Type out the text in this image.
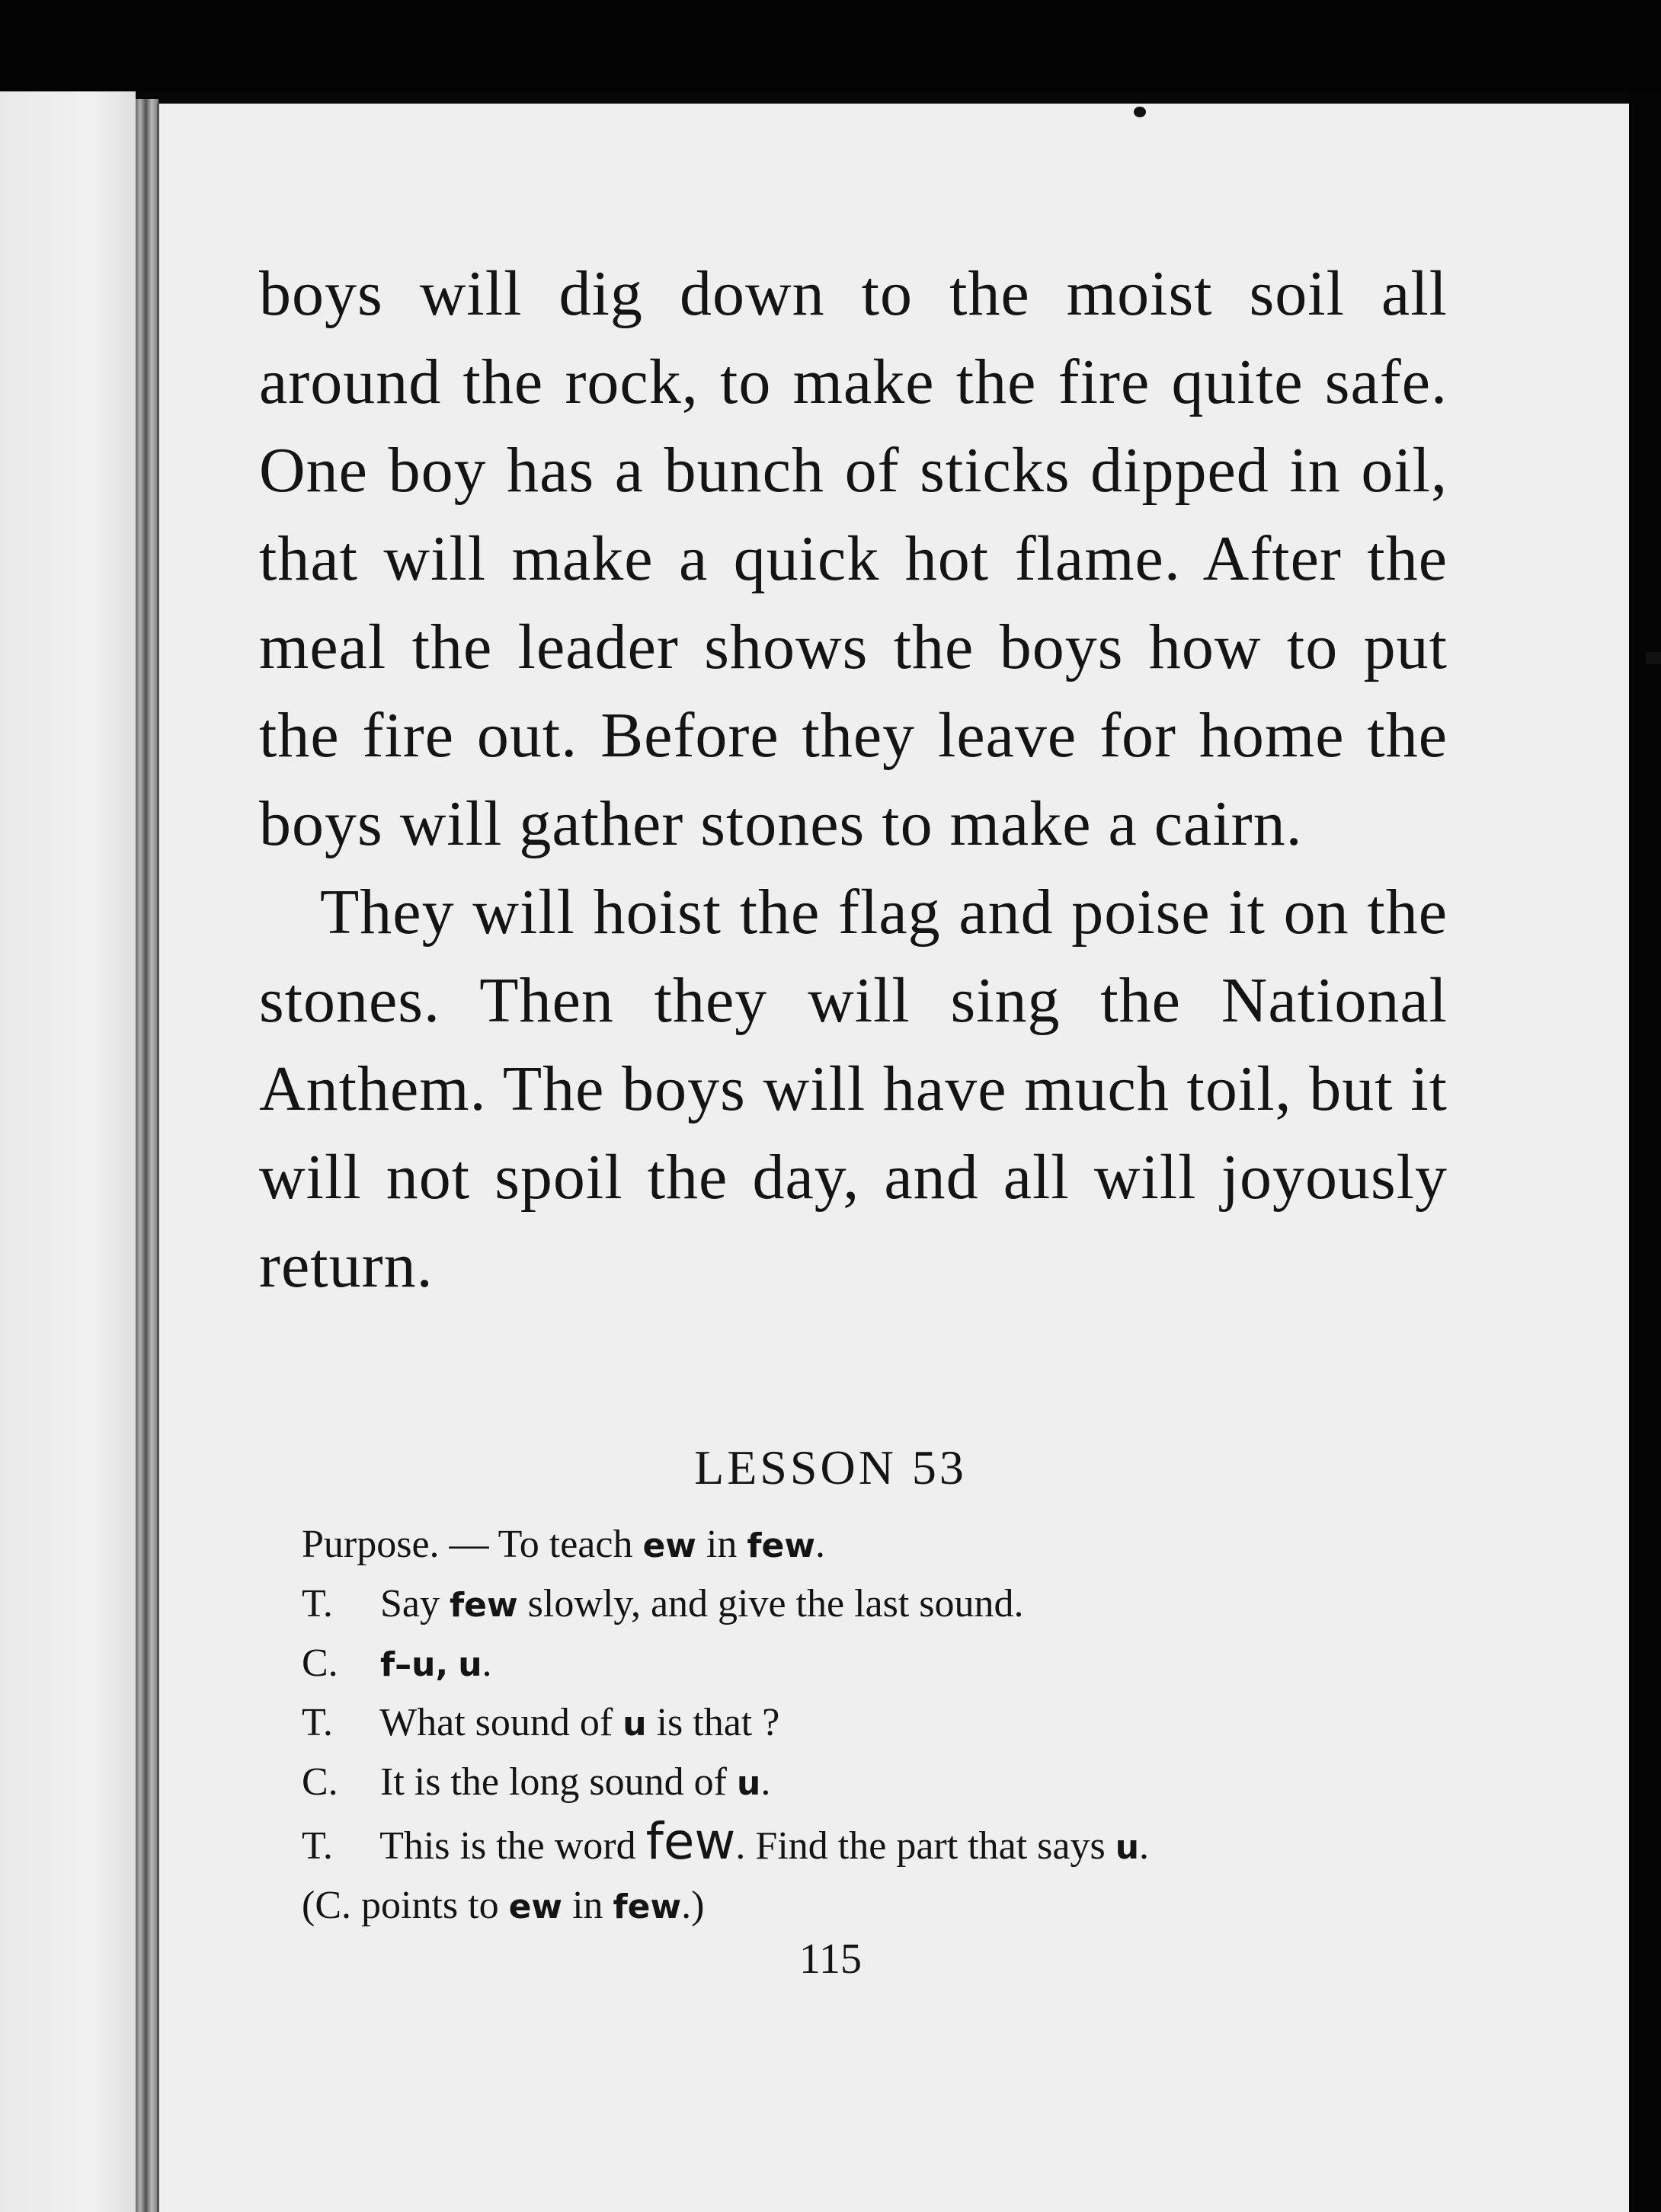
boys will dig down to the moist soil all around the rock, to make the fire quite safe. One boy has a bunch of sticks dipped in oil, that will make a quick hot flame. After the meal the leader shows the boys how to put the fire out. Before they leave for home the boys will gather stones to make a cairn.

They will hoist the flag and poise it on the stones. Then they will sing the National Anthem. The boys will have much toil, but it will not spoil the day, and all will joyously return.

LESSON 53
Purpose. — To teach ew in few.
T. Say few slowly, and give the last sound.
C. f–u, u.
T. What sound of u is that ?
C. It is the long sound of u.
T. This is the word few. Find the part that says u.
(C. points to ew in few.)
115
